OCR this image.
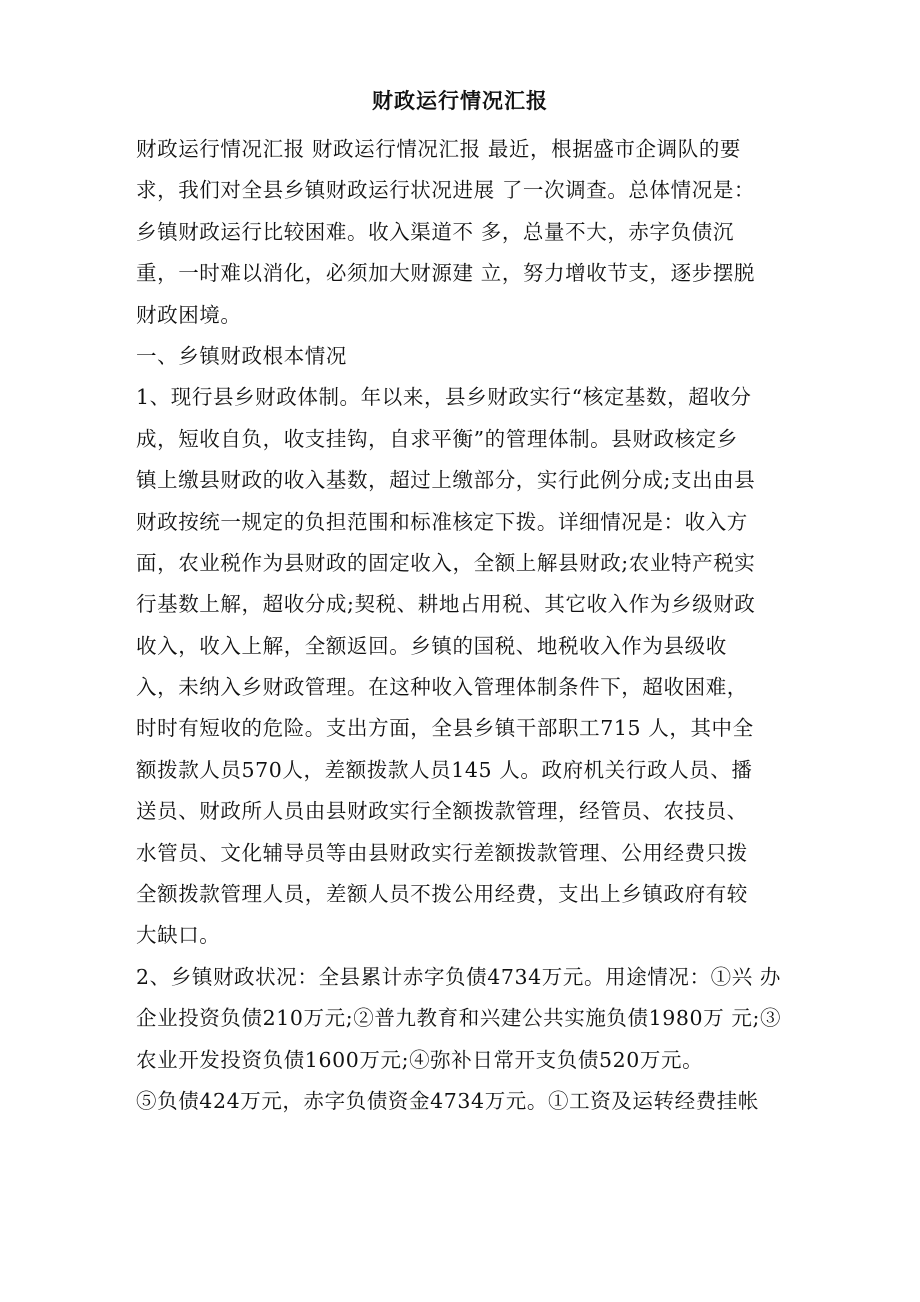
财政运行情况汇报
财政运行情况汇报 财政运行情况汇报 最近，根据盛市企调队的要
求，我们对全县乡镇财政运行状况进展 了一次调查。总体情况是：
乡镇财政运行比较困难。收入渠道不 多，总量不大，赤字负债沉
重，一时难以消化，必须加大财源建 立，努力增收节支，逐步摆脱
财政困境。
一、乡镇财政根本情况
1、现行县乡财政体制。年以来，县乡财政实行“核定基数，超收分
成，短收自负，收支挂钩，自求平衡”的管理体制。县财政核定乡
镇上缴县财政的收入基数，超过上缴部分，实行此例分成;支出由县
财政按统一规定的负担范围和标准核定下拨。详细情况是：收入方
面，农业税作为县财政的固定收入，全额上解县财政;农业特产税实
行基数上解，超收分成;契税、耕地占用税、其它收入作为乡级财政
收入，收入上解，全额返回。乡镇的国税、地税收入作为县级收
入，未纳入乡财政管理。在这种收入管理体制条件下，超收困难，
时时有短收的危险。支出方面，全县乡镇干部职工715 人，其中全
额拨款人员570人，差额拨款人员145 人。政府机关行政人员、播
送员、财政所人员由县财政实行全额拨款管理，经管员、农技员、
水管员、文化辅导员等由县财政实行差额拨款管理、公用经费只拨
全额拨款管理人员，差额人员不拨公用经费，支出上乡镇政府有较
大缺口。
2、乡镇财政状况：全县累计赤字负债4734万元。用途情况：①兴 办
企业投资负债210万元;②普九教育和兴建公共实施负债1980万 元;③
农业开发投资负债1600万元;④弥补日常开支负债520万元。
⑤负债424万元，赤字负债资金4734万元。①工资及运转经费挂帐
